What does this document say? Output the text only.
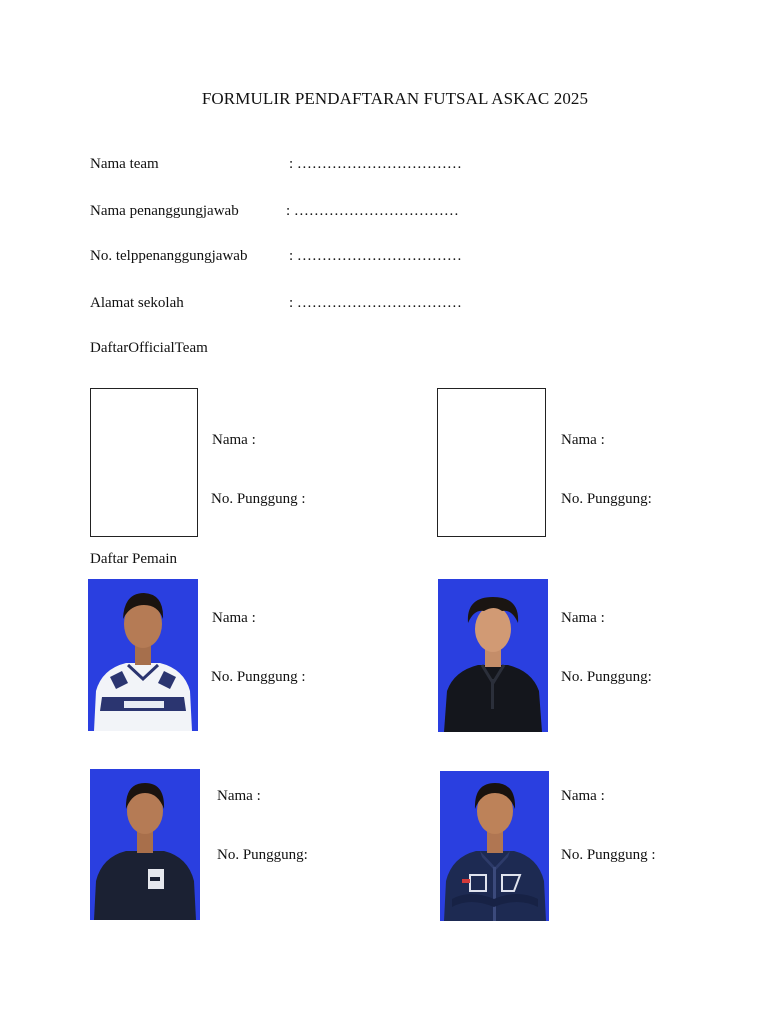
FORMULIR PENDAFTARAN FUTSAL ASKAC 2025
Nama team	: ……………………………
Nama penanggungjawab	: ……………………………
No. telppenanggungjawab	: ……………………………
Alamat sekolah	: ……………………………
DaftarOfficialTeam
Nama :
No. Punggung :
Nama :
No. Punggung:
Daftar Pemain
Nama :
No. Punggung :
Nama :
No. Punggung:
Nama :
No. Punggung:
Nama :
No. Punggung :
